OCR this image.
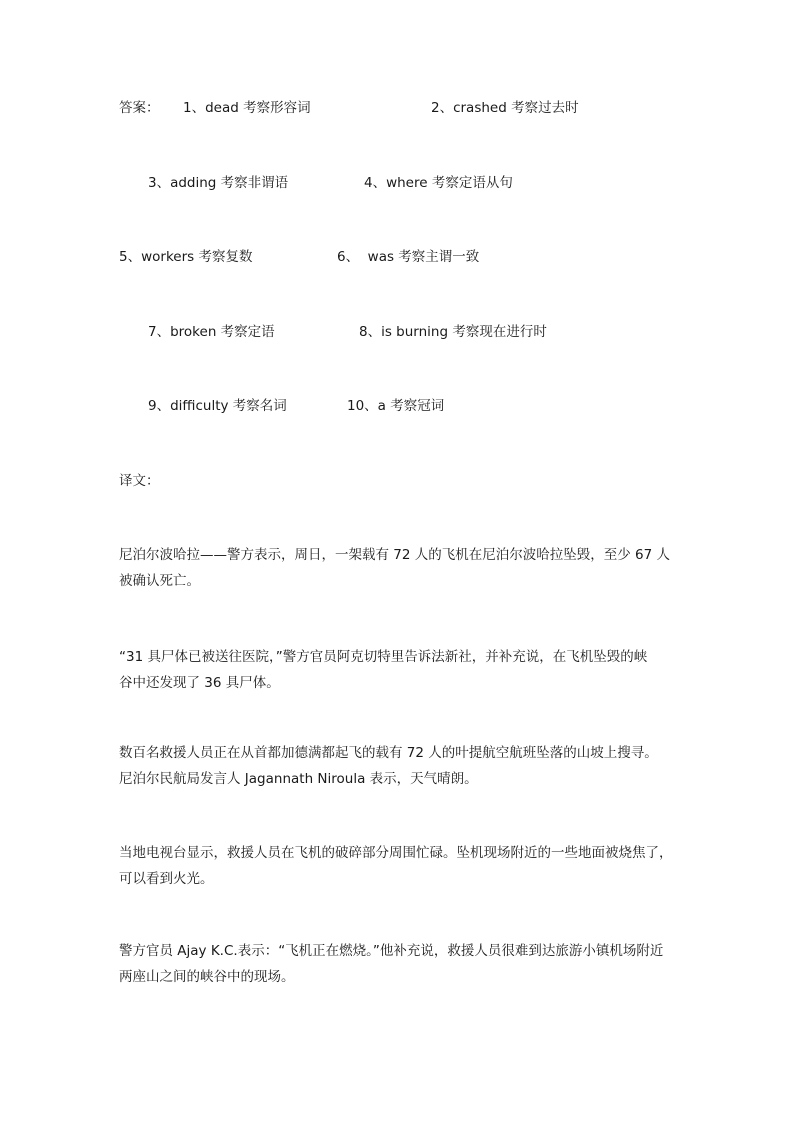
答案： 1、dead 考察形容词	2、crashed 考察过去时
3、adding 考察非谓语	4、where 考察定语从句
5、workers 考察复数	6、  was 考察主谓一致
7、broken 考察定语	8、is burning 考察现在进行时
9、difficulty 考察名词	10、a 考察冠词
译文：
尼泊尔波哈拉——警方表示，周日，一架载有 72 人的飞机在尼泊尔波哈拉坠毁，至少 67 人
被确认死亡。
“31 具尸体已被送往医院，”警方官员阿克切特里告诉法新社，并补充说，在飞机坠毁的峡
谷中还发现了 36 具尸体。
数百名救援人员正在从首都加德满都起飞的载有 72 人的叶提航空航班坠落的山坡上搜寻。
尼泊尔民航局发言人 Jagannath Niroula 表示，天气晴朗。
当地电视台显示，救援人员在飞机的破碎部分周围忙碌。坠机现场附近的一些地面被烧焦了，
可以看到火光。
警方官员 Ajay K.C.表示：“飞机正在燃烧。”他补充说，救援人员很难到达旅游小镇机场附近
两座山之间的峡谷中的现场。
